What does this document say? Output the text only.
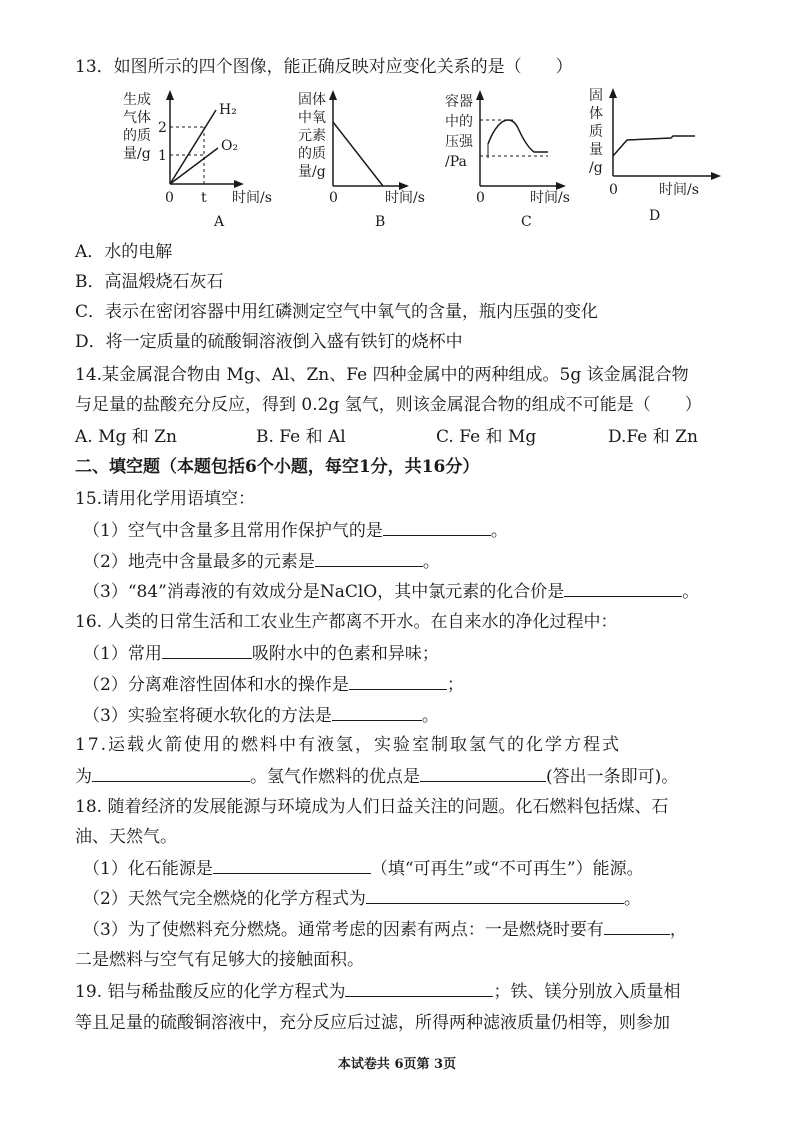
13．如图所示的四个图像，能正确反映对应变化关系的是（　　）
生成
气体
的质
量/g
2
1
H₂
O₂
0 t 时间/s
A
固体
中氧
元素
的质
量/g
0	时间/s
B
容器
中的
压强
/Pa
0	时间/s
C
固
体
质
量
/g
0	时间/s
D
A．水的电解
B．高温煅烧石灰石
C．表示在密闭容器中用红磷测定空气中氧气的含量，瓶内压强的变化
D．将一定质量的硫酸铜溶液倒入盛有铁钉的烧杯中
14.某金属混合物由 Mg、Al、Zn、Fe 四种金属中的两种组成。5g 该金属混合物
与足量的盐酸充分反应，得到 0.2g 氢气，则该金属混合物的组成不可能是（　　）
A. Mg 和 Zn	B. Fe 和 Al	C. Fe 和 Mg	D.Fe 和 Zn
二、填空题（本题包括6个小题，每空1分，共16分）
15.请用化学用语填空：
（1）空气中含量多且常用作保护气的是	。
（2）地壳中含量最多的元素是	。
（3）“84”消毒液的有效成分是NaClO，其中氯元素的化合价是	。
16. 人类的日常生活和工农业生产都离不开水。在自来水的净化过程中：
（1）常用	吸附水中的色素和异味；
（2）分离难溶性固体和水的操作是	；
（3）实验室将硬水软化的方法是	。
17.运载火箭使用的燃料中有液氢，实验室制取氢气的化学方程式
为	。氢气作燃料的优点是	(答出一条即可)。
18. 随着经济的发展能源与环境成为人们日益关注的问题。化石燃料包括煤、石
油、天然气。
（1）化石能源是	（填“可再生”或“不可再生”）能源。
（2）天然气完全燃烧的化学方程式为	。
（3）为了使燃料充分燃烧。通常考虑的因素有两点：一是燃烧时要有	，
二是燃料与空气有足够大的接触面积。
19. 铝与稀盐酸反应的化学方程式为	；铁、镁分别放入质量相
等且足量的硫酸铜溶液中，充分反应后过滤，所得两种滤液质量仍相等，则参加
本试卷共 6页第 3页
